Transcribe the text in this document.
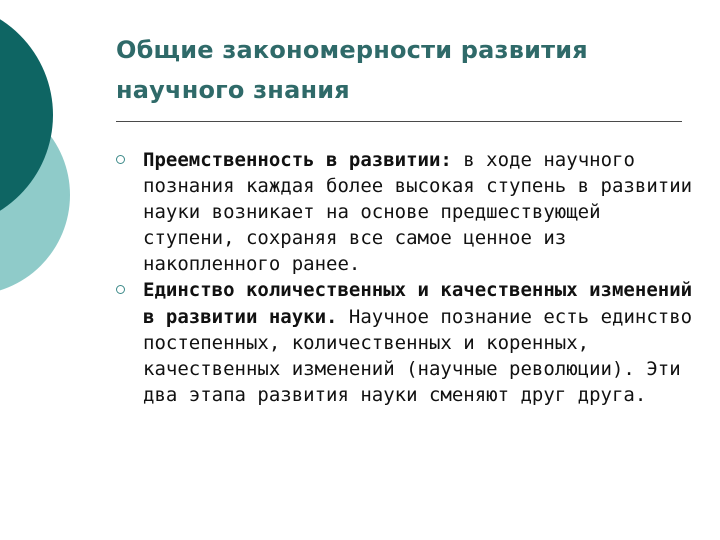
Общие закономерности развития научного знания
Преемственность в развитии: в ходе научного познания каждая более высокая ступень в развитии науки возникает на основе предшествующей ступени, сохраняя все самое ценное из накопленного ранее.
Единство количественных и качественных изменений в развитии науки. Научное познание есть единство постепенных, количественных и коренных, качественных изменений (научные революции). Эти два этапа развития науки сменяют друг друга.
